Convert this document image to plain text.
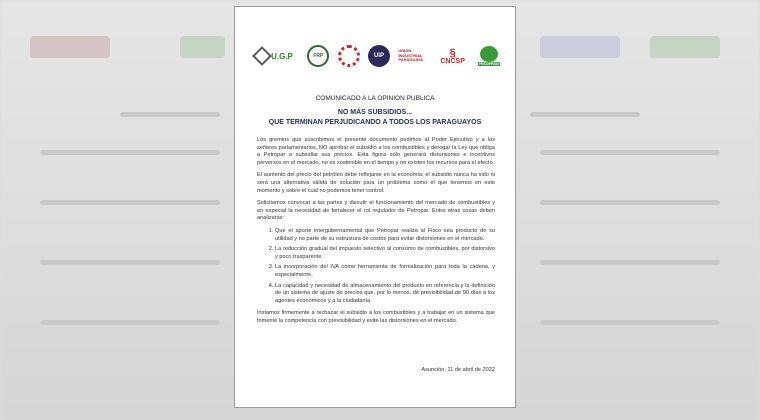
U.G.P	FRP	UIP
UNIÓN INDUSTRIAL PARAGUAYA
§
CNCSP	FECOPROD
COMUNICADO A LA OPINION PUBLICA
NO MÁS SUBSIDIOS...
QUE TERMINAN PERJUDICANDO A TODOS LOS PARAGUAYOS

Los gremios que suscribimos el presente documento pedimos al Poder Ejecutivo y a los señores parlamentarios, NO aprobar el subsidio a los combustibles y derogar la Ley que obliga a Petropar a subsidiar sus precios. Esta figura sólo generará distorsiones e incentivos perversos en el mercado, no es sostenible en el tiempo y no existen los recursos para el efecto.

El aumento del precio del petróleo debe reflejarse en la economía; el subsidio nunca ha sido ni será una alternativa válida de solución para un problema como el que tenemos en este momento y sobre el cual no podemos tener control.

Solicitamos convocar a las partes y discutir el funcionamiento del mercado de combustibles y en especial la necesidad de fortalecer el rol regulador de Petropar. Entre otras cosas deben analizarse:

1. Que el aporte intergubernamental que Petropar realiza al Fisco sea producto de su utilidad y no parte de su estructura de costos para evitar distorsiones en el mercado.
2. La reducción gradual del impuesto selectivo al consumo de combustibles, por distorsivo y poco trasparente.
3. La incorporación del IVA como herramienta de formalización para toda la cadena, y especialmente,
4. La capacidad y necesidad de almacenamiento del producto en referencia y la definición de un sistema de ajuste de precios que, por lo menos, dé previsibilidad de 90 días a los agentes económicos y a la ciudadanía.

Instamos firmemente a rechazar el subsidio a los combustibles y a trabajar en un sistema que fomente la competencia con previsibilidad y evite las distorsiones en el mercado.

Asunción, 11 de abril de 2022
